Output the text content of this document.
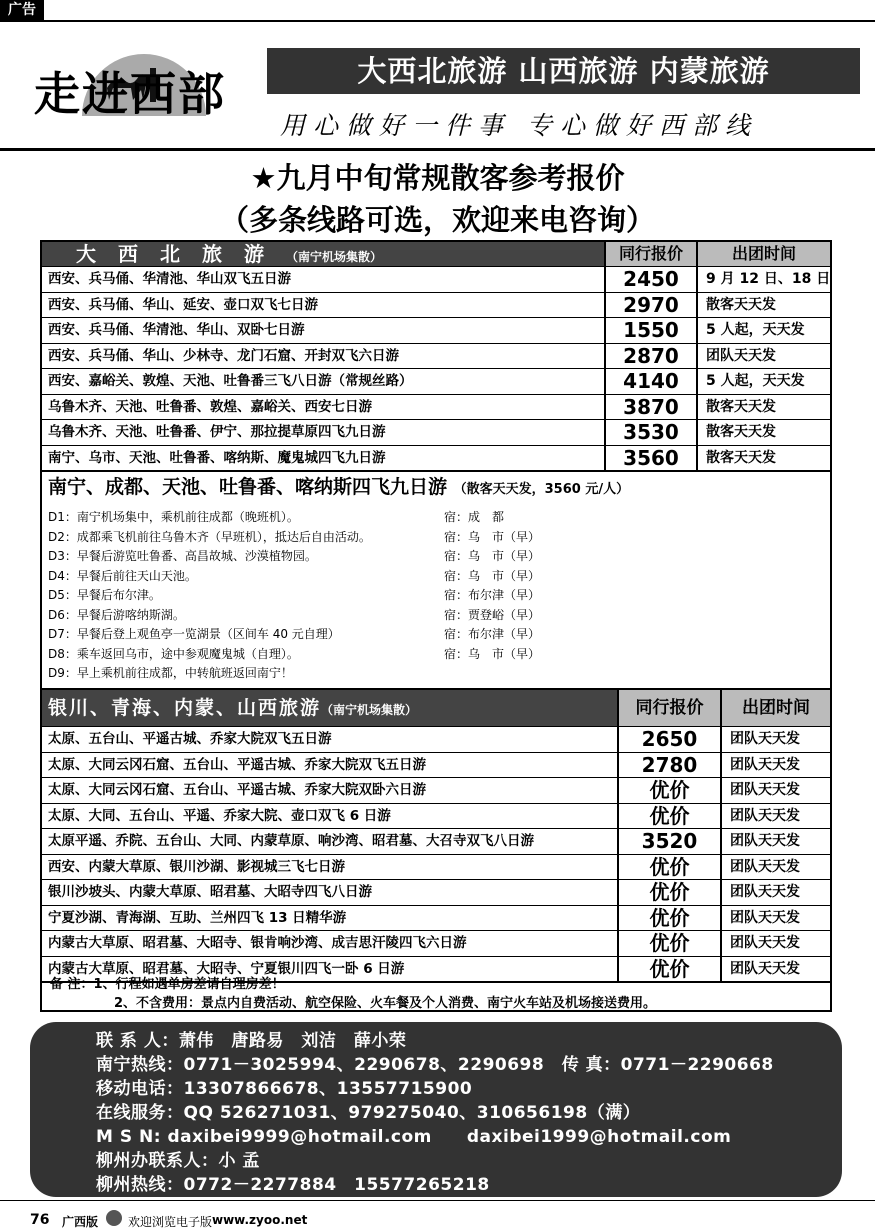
广告
走进西部	大西北旅游 山西旅游 内蒙旅游
用心做好一件事 专心做好西部线
★九月中旬常规散客参考报价
（多条线路可选，欢迎来电咨询）
大西北旅游（南宁机场集散）	同行报价	出团时间
西安、兵马俑、华清池、华山双飞五日游	2450	9 月 12 日、18 日
西安、兵马俑、华山、延安、壶口双飞七日游	2970	散客天天发
西安、兵马俑、华清池、华山、双卧七日游	1550	5 人起，天天发
西安、兵马俑、华山、少林寺、龙门石窟、开封双飞六日游	2870	团队天天发
西安、嘉峪关、敦煌、天池、吐鲁番三飞八日游（常规丝路）	4140	5 人起，天天发
乌鲁木齐、天池、吐鲁番、敦煌、嘉峪关、西安七日游	3870	散客天天发
乌鲁木齐、天池、吐鲁番、伊宁、那拉提草原四飞九日游	3530	散客天天发
南宁、乌市、天池、吐鲁番、喀纳斯、魔鬼城四飞九日游	3560	散客天天发
南宁、成都、天池、吐鲁番、喀纳斯四飞九日游 （散客天天发，3560 元/人）
D1：南宁机场集中，乘机前往成都（晚班机）。	宿：成　都
D2：成都乘飞机前往乌鲁木齐（早班机），抵达后自由活动。	宿：乌　市（早）
D3：早餐后游览吐鲁番、高昌故城、沙漠植物园。	宿：乌　市（早）
D4：早餐后前往天山天池。	宿：乌　市（早）
D5：早餐后布尔津。	宿：布尔津（早）
D6：早餐后游喀纳斯湖。	宿：贾登峪（早）
D7：早餐后登上观鱼亭一览湖景（区间车 40 元自理）	宿：布尔津（早）
D8：乘车返回乌市，途中参观魔鬼城（自理）。	宿：乌　市（早）
D9：早上乘机前往成都，中转航班返回南宁！
银川、青海、内蒙、山西旅游（南宁机场集散）	同行报价	出团时间
太原、五台山、平遥古城、乔家大院双飞五日游	2650	团队天天发
太原、大同云冈石窟、五台山、平遥古城、乔家大院双飞五日游	2780	团队天天发
太原、大同云冈石窟、五台山、平遥古城、乔家大院双卧六日游	优价	团队天天发
太原、大同、五台山、平遥、乔家大院、壶口双飞 6 日游	优价	团队天天发
太原平遥、乔院、五台山、大同、内蒙草原、响沙湾、昭君墓、大召寺双飞八日游	3520	团队天天发
西安、内蒙大草原、银川沙湖、影视城三飞七日游	优价	团队天天发
银川沙坡头、内蒙大草原、昭君墓、大昭寺四飞八日游	优价	团队天天发
宁夏沙湖、青海湖、互助、兰州四飞 13 日精华游	优价	团队天天发
内蒙古大草原、昭君墓、大昭寺、银肯响沙湾、成吉思汗陵四飞六日游	优价	团队天天发
内蒙古大草原、昭君墓、大昭寺、宁夏银川四飞一卧 6 日游	优价	团队天天发
备 注：1、行程如遇单房差请自理房差！
2、不含费用：景点内自费活动、航空保险、火车餐及个人消费、南宁火车站及机场接送费用。
联 系 人：萧伟　唐路易　刘洁　薛小荣
南宁热线：0771－3025994、2290678、2290698　传 真：0771－2290668
移动电话：13307866678、13557715900
在线服务：QQ 526271031、979275040、310656198（满）
M S N: daxibei9999@hotmail.com　　daxibei1999@hotmail.com
柳州办联系人：小 孟
柳州热线：0772－2277884　15577265218
76 广西版 欢迎浏览电子版 www.zyoo.net
